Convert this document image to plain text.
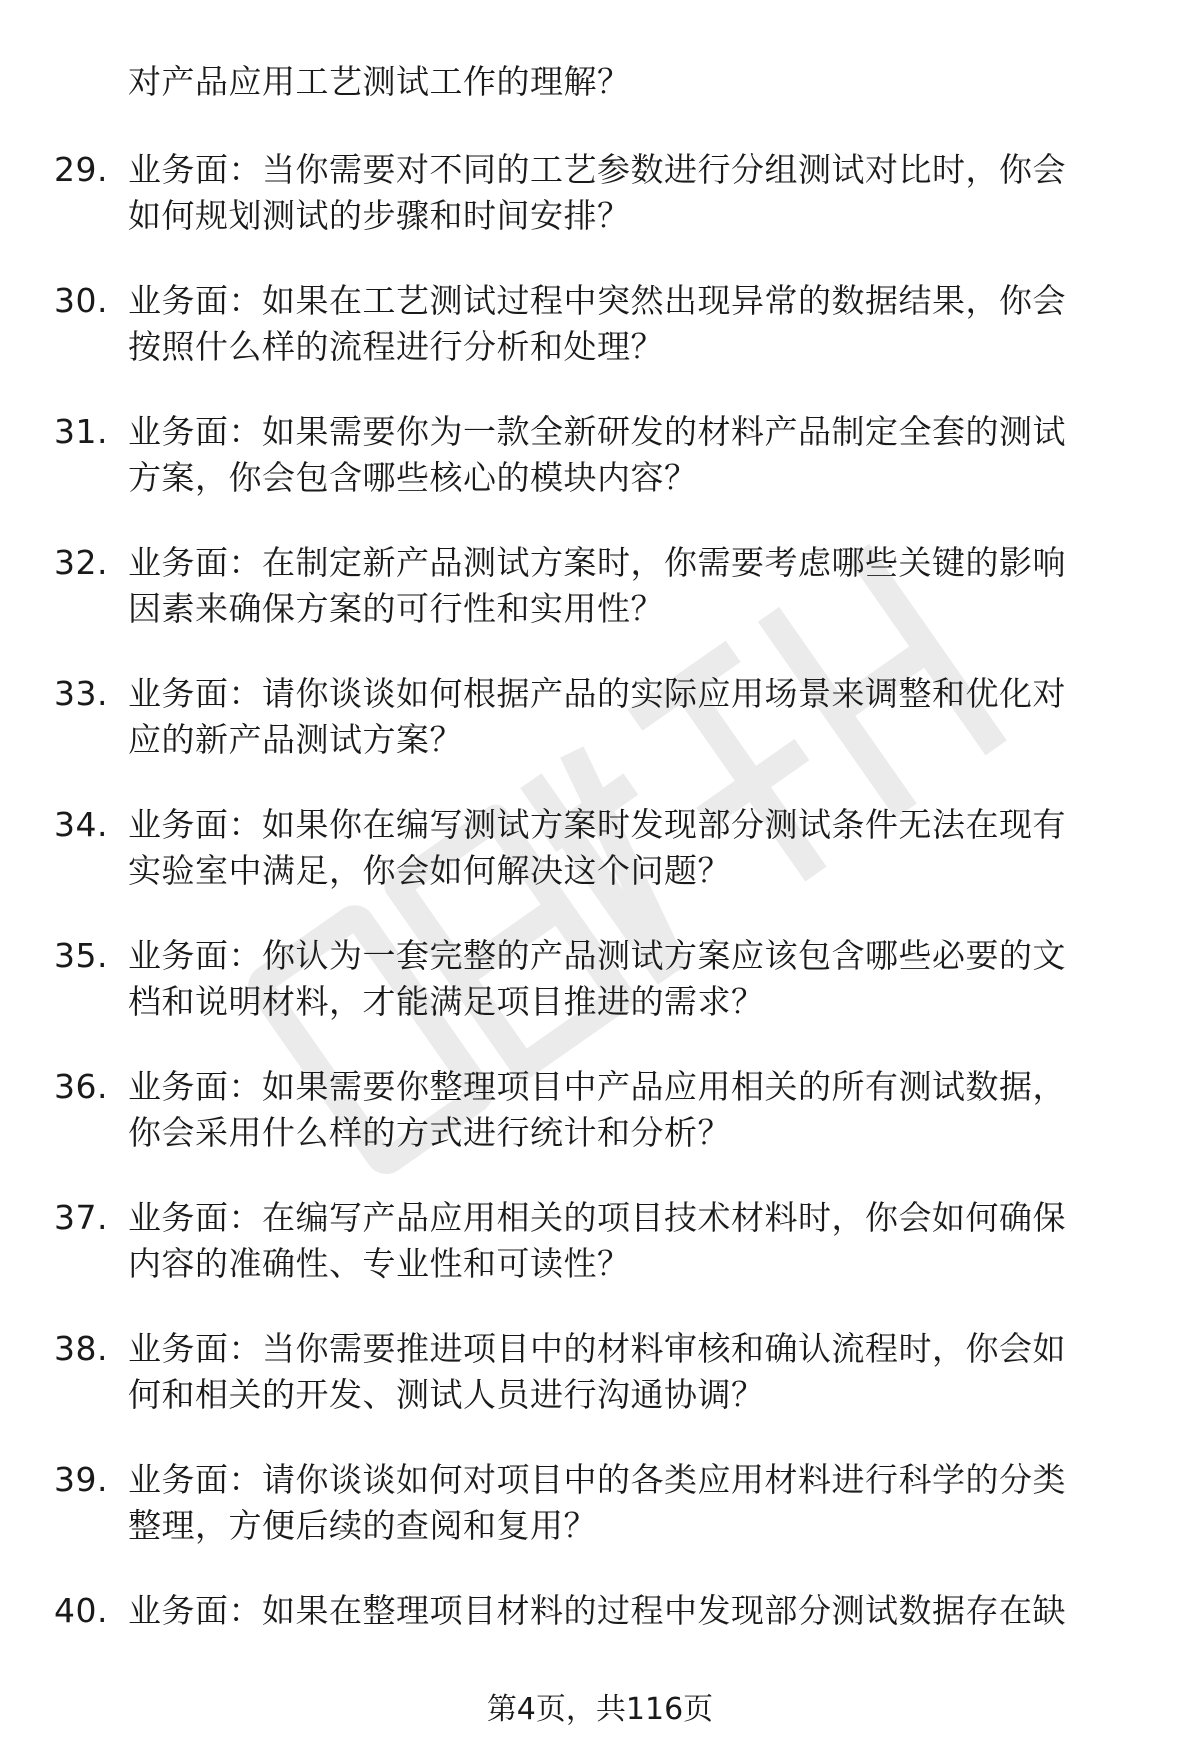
对产品应用工艺测试工作的理解？
29. 业务面：当你需要对不同的工艺参数进行分组测试对比时，你会
如何规划测试的步骤和时间安排？
30. 业务面：如果在工艺测试过程中突然出现异常的数据结果，你会
按照什么样的流程进行分析和处理？
31. 业务面：如果需要你为一款全新研发的材料产品制定全套的测试
方案，你会包含哪些核心的模块内容？
32. 业务面：在制定新产品测试方案时，你需要考虑哪些关键的影响
因素来确保方案的可行性和实用性？
33. 业务面：请你谈谈如何根据产品的实际应用场景来调整和优化对
应的新产品测试方案？
34. 业务面：如果你在编写测试方案时发现部分测试条件无法在现有
实验室中满足，你会如何解决这个问题？
35. 业务面：你认为一套完整的产品测试方案应该包含哪些必要的文
档和说明材料，才能满足项目推进的需求？
36. 业务面：如果需要你整理项目中产品应用相关的所有测试数据，
你会采用什么样的方式进行统计和分析？
37. 业务面：在编写产品应用相关的项目技术材料时，你会如何确保
内容的准确性、专业性和可读性？
38. 业务面：当你需要推进项目中的材料审核和确认流程时，你会如
何和相关的开发、测试人员进行沟通协调？
39. 业务面：请你谈谈如何对项目中的各类应用材料进行科学的分类
整理，方便后续的查阅和复用？
40. 业务面：如果在整理项目材料的过程中发现部分测试数据存在缺
第4页，共116页
